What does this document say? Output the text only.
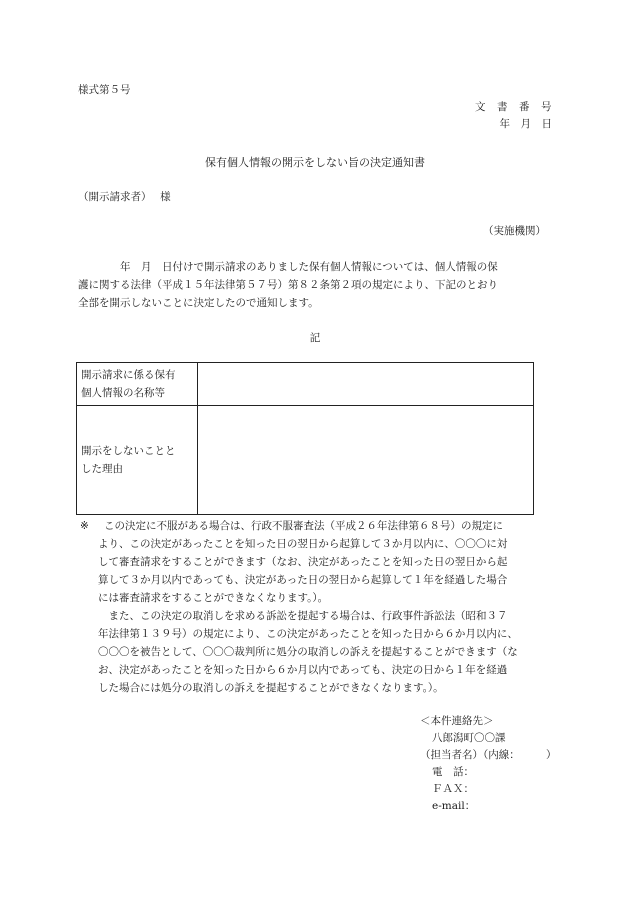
様式第５号
文　書　番　号
年　月　日
保有個人情報の開示をしない旨の決定通知書
（開示請求者）　 様
（実施機関）
　　　　年　月　日付けで開示請求のありました保有個人情報については、個人情報の保
護に関する法律（平成１５年法律第５７号）第８２条第２項の規定により、下記のとおり
全部を開示しないことに決定したので通知します。
記
開示請求に係る保有
個人情報の名称等	

開示をしないことと
した理由	

※ この決定に不服がある場合は、行政不服審査法（平成２６年法律第６８号）の規定に
より、この決定があったことを知った日の翌日から起算して３か月以内に、〇〇〇に対
して審査請求をすることができます（なお、決定があったことを知った日の翌日から起
算して３か月以内であっても、決定があった日の翌日から起算して１年を経過した場合
には審査請求をすることができなくなります。）。
　また、この決定の取消しを求める訴訟を提起する場合は、行政事件訴訟法（昭和３７
年法律第１３９号）の規定により、この決定があったことを知った日から６か月以内に、
〇〇〇を被告として、〇〇〇裁判所に処分の取消しの訴えを提起することができます（な
お、決定があったことを知った日から６か月以内であっても、決定の日から１年を経過
した場合には処分の取消しの訴えを提起することができなくなります。）。
＜本件連絡先＞
八郎潟町〇〇課
（担当者名）（内線：　　　）
電　話：
ＦＡＸ：
e-mail：
